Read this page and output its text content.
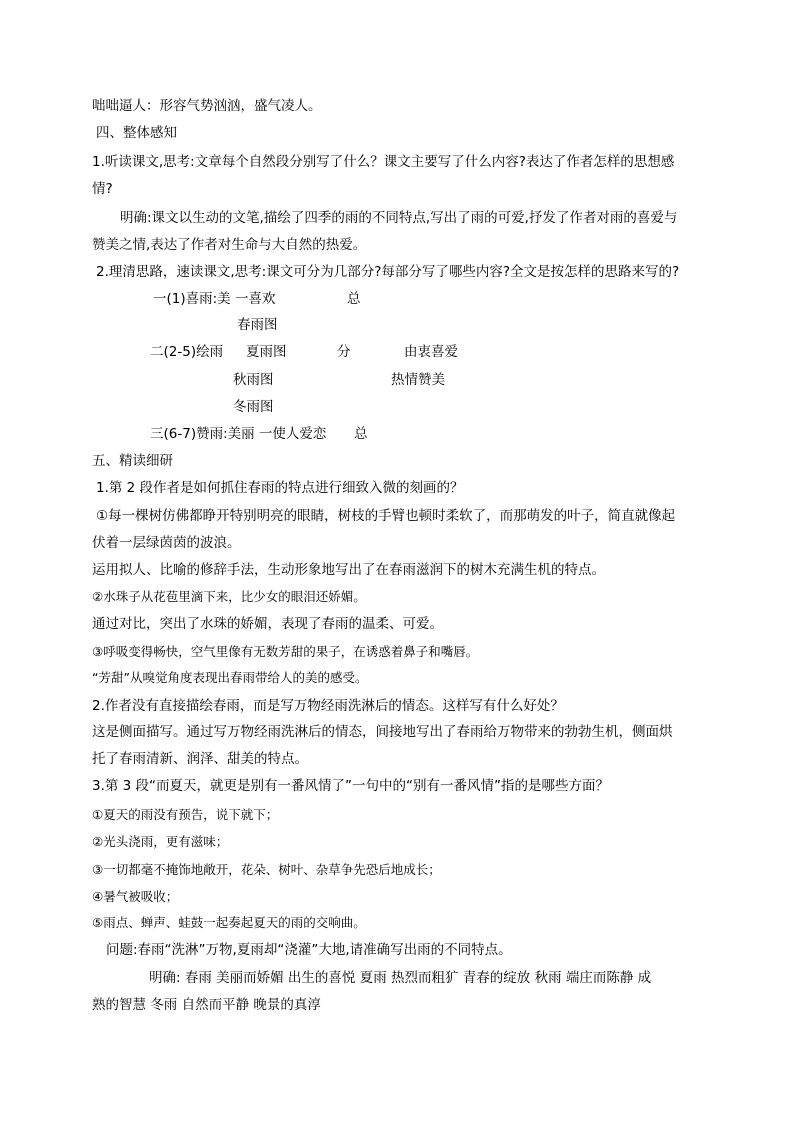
咄咄逼人：形容气势汹汹，盛气凌人。
四、整体感知
1.听读课文,思考:文章每个自然段分别写了什么？课文主要写了什么内容?表达了作者怎样的思想感
情?
明确:课文以生动的文笔,描绘了四季的雨的不同特点,写出了雨的可爱,抒发了作者对雨的喜爱与
赞美之情,表达了作者对生命与大自然的热爱。
2.理清思路，速读课文,思考:课文可分为几部分?每部分写了哪些内容?全文是按怎样的思路来写的?
一(1)喜雨:美 一喜欢	总
春雨图
二(2-5)绘雨 夏雨图	分	由衷喜爱
秋雨图	热情赞美
冬雨图
三(6-7)赞雨:美丽 一使人爱恋 总
五、精读细研
1.第 2 段作者是如何抓住春雨的特点进行细致入微的刻画的？
①每一棵树仿佛都睁开特别明亮的眼睛，树枝的手臂也顿时柔软了，而那萌发的叶子，简直就像起
伏着一层绿茵茵的波浪。
运用拟人、比喻的修辞手法，生动形象地写出了在春雨滋润下的树木充满生机的特点。
②水珠子从花苞里滴下来，比少女的眼泪还娇媚。
通过对比，突出了水珠的娇媚，表现了春雨的温柔、可爱。
③呼吸变得畅快，空气里像有无数芳甜的果子，在诱惑着鼻子和嘴唇。
“芳甜”从嗅觉角度表现出春雨带给人的美的感受。
2.作者没有直接描绘春雨，而是写万物经雨洗淋后的情态。这样写有什么好处？
这是侧面描写。通过写万物经雨洗淋后的情态，间接地写出了春雨给万物带来的勃勃生机，侧面烘
托了春雨清新、润泽、甜美的特点。
3.第 3 段“而夏天，就更是别有一番风情了”一句中的“别有一番风情”指的是哪些方面？
①夏天的雨没有预告，说下就下；
②光头浇雨，更有滋味；
③一切都毫不掩饰地敞开，花朵、树叶、杂草争先恐后地成长；
④暑气被吸收；
⑤雨点、蝉声、蛙鼓一起奏起夏天的雨的交响曲。
问题:春雨“洗淋”万物,夏雨却“浇灌”大地,请准确写出雨的不同特点。
明确: 春雨 美丽而娇媚 出生的喜悦 夏雨 热烈而粗犷 青春的绽放 秋雨 端庄而陈静 成
熟的智慧 冬雨 自然而平静 晚景的真淳
